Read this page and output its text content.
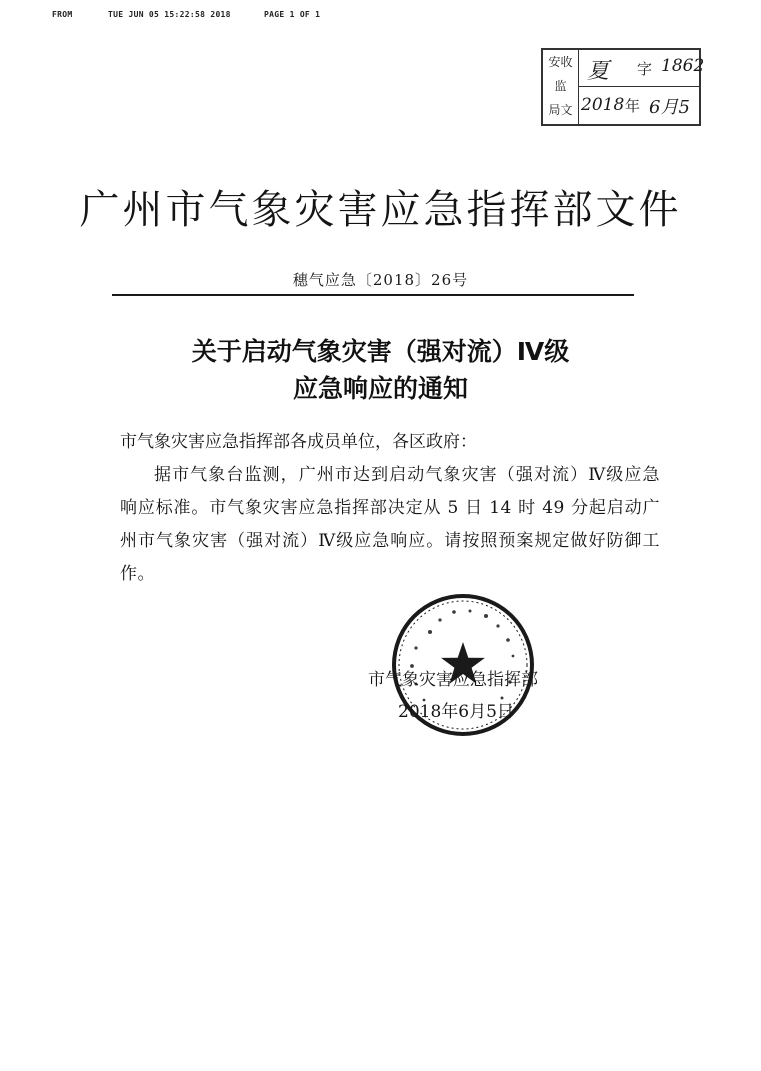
FROM	TUE JUN 05 15:22:58 2018	PAGE 1 OF 1
安收
监
局文
夏 字 1862
2018 年 6月5
广州市气象灾害应急指挥部文件
穗气应急〔2018〕26号
关于启动气象灾害（强对流）Ⅳ级
应急响应的通知
市气象灾害应急指挥部各成员单位，各区政府：
据市气象台监测，广州市达到启动气象灾害（强对流）Ⅳ级应急响应标准。市气象灾害应急指挥部决定从 5 日 14 时 49 分起启动广州市气象灾害（强对流）Ⅳ级应急响应。请按照预案规定做好防御工作。
市气象灾害应急指挥部
2018年6月5日
